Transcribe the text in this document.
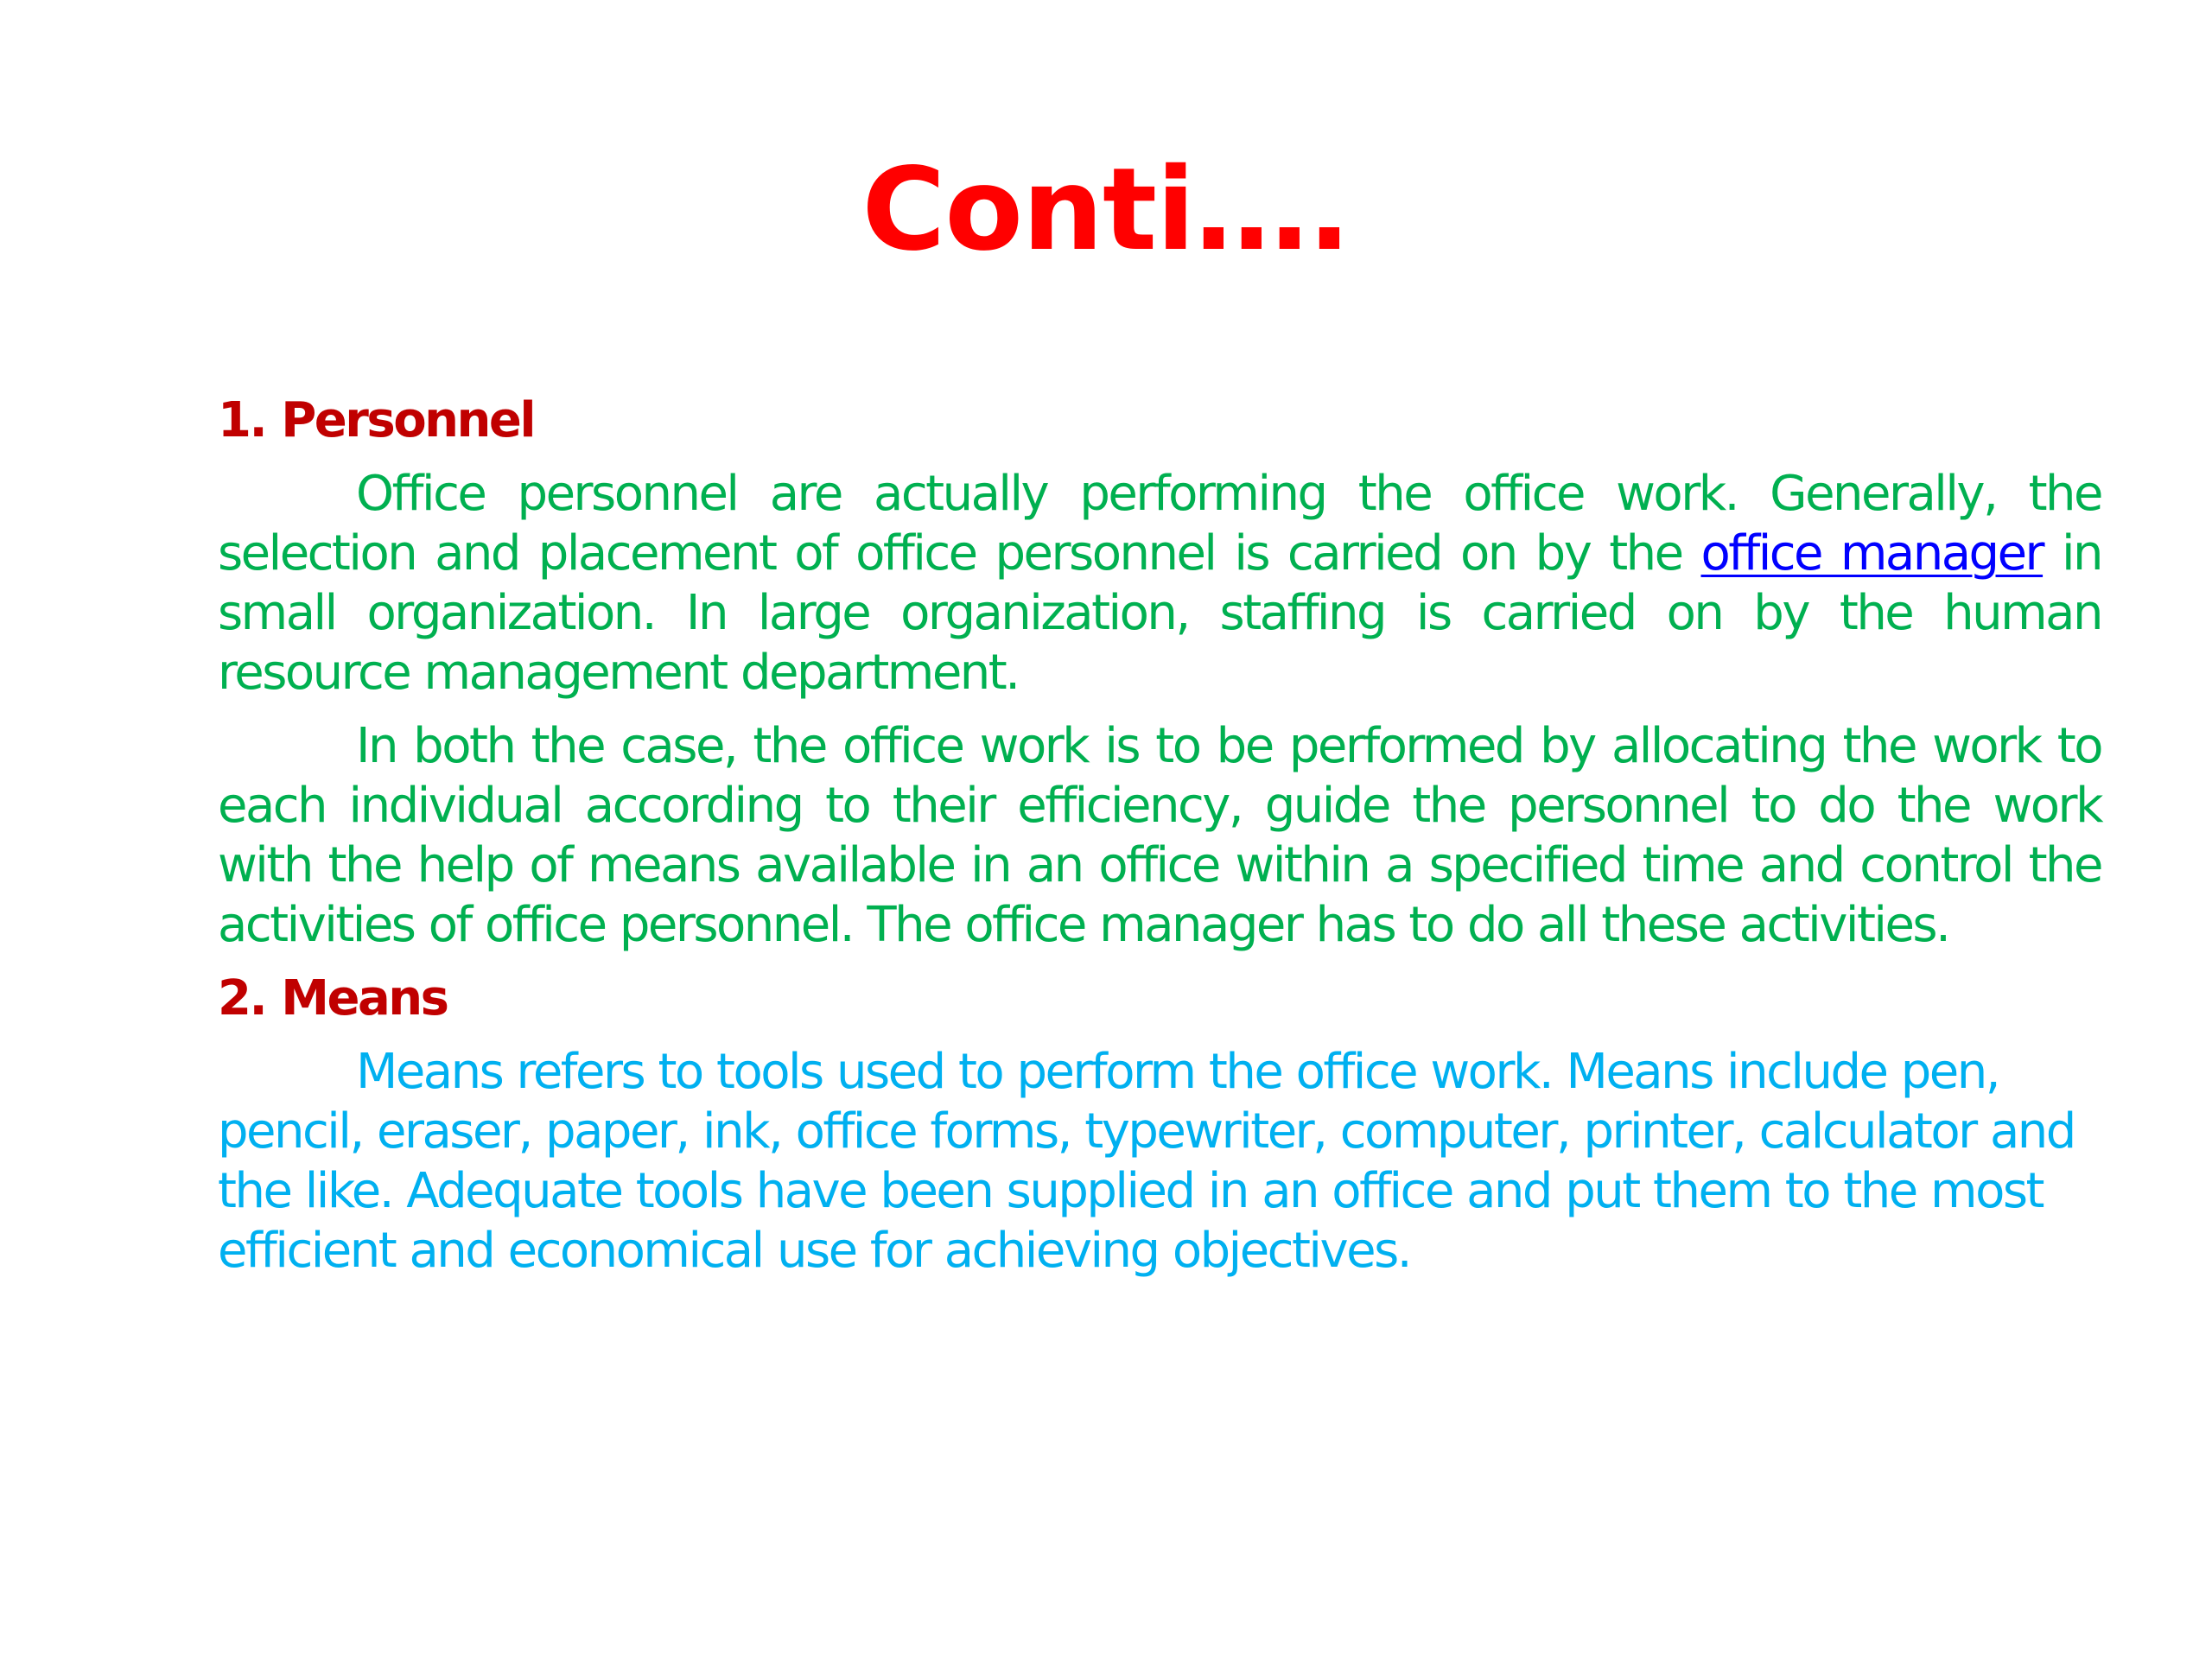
Conti….

1. Personnel

Office personnel are actually performing the office work. Generally, the selection and placement of office personnel is carried on by the office manager in small organization. In large organization, staffing is carried on by the human resource management department.

In both the case, the office work is to be performed by allocating the work to each individual according to their efficiency, guide the personnel to do the work with the help of means available in an office within a specified time and control the activities of office personnel. The office manager has to do all these activities.

2. Means

Means refers to tools used to perform the office work. Means include pen, pencil, eraser, paper, ink, office forms, typewriter, computer, printer, calculator and the like. Adequate tools have been supplied in an office and put them to the most efficient and economical use for achieving objectives.
